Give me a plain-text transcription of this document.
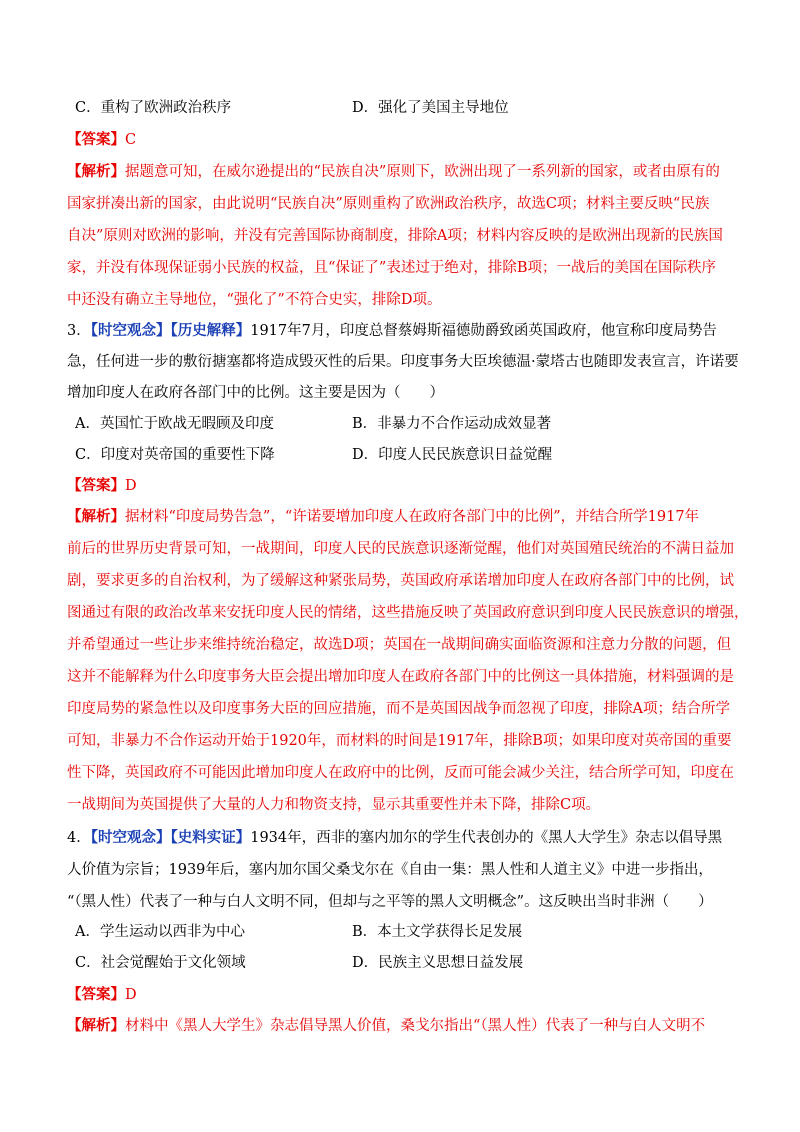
C．重构了欧洲政治秩序	D．强化了美国主导地位
【答案】C
【解析】据题意可知，在威尔逊提出的“民族自决”原则下，欧洲出现了一系列新的国家，或者由原有的
国家拼凑出新的国家，由此说明“民族自决”原则重构了欧洲政治秩序，故选C项；材料主要反映“民族
自决”原则对欧洲的影响，并没有完善国际协商制度，排除A项；材料内容反映的是欧洲出现新的民族国
家，并没有体现保证弱小民族的权益，且“保证了”表述过于绝对，排除B项；一战后的美国在国际秩序
中还没有确立主导地位，“强化了”不符合史实，排除D项。
3．【时空观念】【历史解释】1917年7月，印度总督蔡姆斯福德勋爵致函英国政府，他宣称印度局势告
急，任何进一步的敷衍搪塞都将造成毁灭性的后果。印度事务大臣埃德温·蒙塔古也随即发表宣言，许诺要
增加印度人在政府各部门中的比例。这主要是因为（　　）
A．英国忙于欧战无暇顾及印度	B．非暴力不合作运动成效显著
C．印度对英帝国的重要性下降	D．印度人民民族意识日益觉醒
【答案】D
【解析】据材料“印度局势告急”，“许诺要增加印度人在政府各部门中的比例”，并结合所学1917年
前后的世界历史背景可知，一战期间，印度人民的民族意识逐渐觉醒，他们对英国殖民统治的不满日益加
剧，要求更多的自治权利，为了缓解这种紧张局势，英国政府承诺增加印度人在政府各部门中的比例，试
图通过有限的政治改革来安抚印度人民的情绪，这些措施反映了英国政府意识到印度人民民族意识的增强，
并希望通过一些让步来维持统治稳定，故选D项；英国在一战期间确实面临资源和注意力分散的问题，但
这并不能解释为什么印度事务大臣会提出增加印度人在政府各部门中的比例这一具体措施，材料强调的是
印度局势的紧急性以及印度事务大臣的回应措施，而不是英国因战争而忽视了印度，排除A项；结合所学
可知，非暴力不合作运动开始于1920年，而材料的时间是1917年，排除B项；如果印度对英帝国的重要
性下降，英国政府不可能因此增加印度人在政府中的比例，反而可能会减少关注，结合所学可知，印度在
一战期间为英国提供了大量的人力和物资支持，显示其重要性并未下降，排除C项。
4．【时空观念】【史料实证】1934年，西非的塞内加尔的学生代表创办的《黑人大学生》杂志以倡导黑
人价值为宗旨；1939年后，塞内加尔国父桑戈尔在《自由一集：黑人性和人道主义》中进一步指出，
“（黑人性）代表了一种与白人文明不同，但却与之平等的黑人文明概念”。这反映出当时非洲（　　）
A．学生运动以西非为中心	B．本土文学获得长足发展
C．社会觉醒始于文化领域	D．民族主义思想日益发展
【答案】D
【解析】材料中《黑人大学生》杂志倡导黑人价值，桑戈尔指出“（黑人性）代表了一种与白人文明不
